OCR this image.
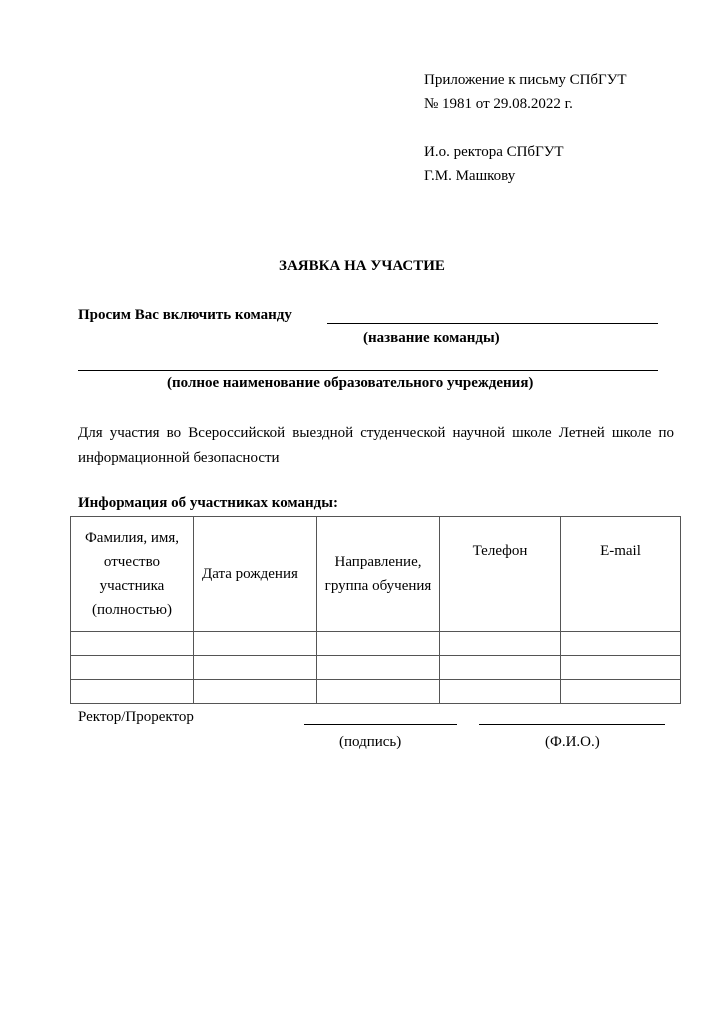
Приложение к письму СПбГУТ
№ 1981 от 29.08.2022 г.
И.о. ректора СПбГУТ
Г.М. Машкову
ЗАЯВКА НА УЧАСТИЕ
Просим Вас включить команду
(название команды)
(полное наименование образовательного учреждения)
Для участия во Всероссийской выездной студенческой научной школе Летней школе по информационной безопасности
Информация об участниках команды:
Фамилия, имя, отчество участника (полностью)	Дата рождения	Направление, группа обучения	Телефон	E-mail

Ректор/Проректор
(подпись)	(Ф.И.О.)
